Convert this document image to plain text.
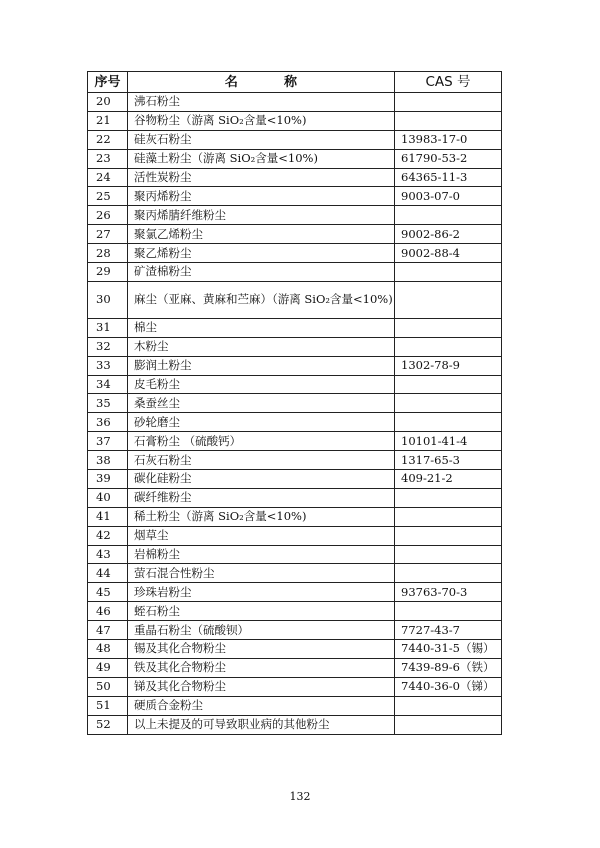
序号	名 称	CAS 号
20	沸石粉尘	
21	谷物粉尘（游离 SiO₂含量<10%)	
22	硅灰石粉尘	13983-17-0
23	硅藻土粉尘（游离 SiO₂含量<10%)	61790-53-2
24	活性炭粉尘	64365-11-3
25	聚丙烯粉尘	9003-07-0
26	聚丙烯腈纤维粉尘	
27	聚氯乙烯粉尘	9002-86-2
28	聚乙烯粉尘	9002-88-4
29	矿渣棉粉尘	
30	麻尘（亚麻、黄麻和苎麻）（游离 SiO₂含量<10%)	
31	棉尘	
32	木粉尘	
33	膨润土粉尘	1302-78-9
34	皮毛粉尘	
35	桑蚕丝尘	
36	砂轮磨尘	
37	石膏粉尘 （硫酸钙）	10101-41-4
38	石灰石粉尘	1317-65-3
39	碳化硅粉尘	409-21-2
40	碳纤维粉尘	
41	稀土粉尘（游离 SiO₂含量<10%)	
42	烟草尘	
43	岩棉粉尘	
44	萤石混合性粉尘	
45	珍珠岩粉尘	93763-70-3
46	蛭石粉尘	
47	重晶石粉尘（硫酸钡）	7727-43-7
48	锡及其化合物粉尘	7440-31-5（锡）
49	铁及其化合物粉尘	7439-89-6（铁）
50	锑及其化合物粉尘	7440-36-0（锑）
51	硬质合金粉尘	
52	以上未提及的可导致职业病的其他粉尘	
132
